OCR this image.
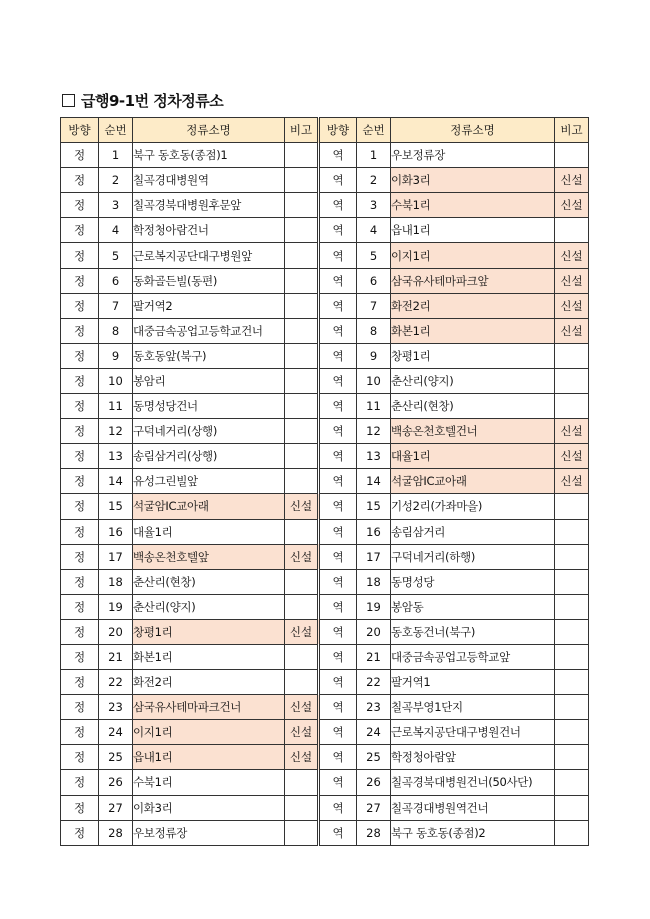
급행9-1번 정차정류소
방향	순번	정류소명	비고	방향	순번	정류소명	비고
정	1	북구 동호동(종점)1		역	1	우보정류장	
정	2	칠곡경대병원역		역	2	이화3리	신설
정	3	칠곡경북대병원후문앞		역	3	수북1리	신설
정	4	학정청아람건너		역	4	읍내1리	
정	5	근로복지공단대구병원앞		역	5	이지1리	신설
정	6	동화골든빌(동편)		역	6	삼국유사테마파크앞	신설
정	7	팔거역2		역	7	화전2리	신설
정	8	대중금속공업고등학교건너		역	8	화본1리	신설
정	9	동호동앞(북구)		역	9	창평1리	
정	10	봉암리		역	10	춘산리(양지)	
정	11	동명성당건너		역	11	춘산리(현창)	
정	12	구덕네거리(상행)		역	12	백송온천호텔건너	신설
정	13	송림삼거리(상행)		역	13	대율1리	신설
정	14	유성그린빌앞		역	14	석굴암IC교아래	신설
정	15	석굴암IC교아래	신설	역	15	기성2리(가좌마을)	
정	16	대율1리		역	16	송림삼거리	
정	17	백송온천호텔앞	신설	역	17	구덕네거리(하행)	
정	18	춘산리(현창)		역	18	동명성당	
정	19	춘산리(양지)		역	19	봉암동	
정	20	창평1리	신설	역	20	동호동건너(북구)	
정	21	화본1리		역	21	대중금속공업고등학교앞	
정	22	화전2리		역	22	팔거역1	
정	23	삼국유사테마파크건너	신설	역	23	칠곡부영1단지	
정	24	이지1리	신설	역	24	근로복지공단대구병원건너	
정	25	읍내1리	신설	역	25	학정청아람앞	
정	26	수북1리		역	26	칠곡경북대병원건너(50사단)	
정	27	이화3리		역	27	칠곡경대병원역건너	
정	28	우보정류장		역	28	북구 동호동(종점)2	
